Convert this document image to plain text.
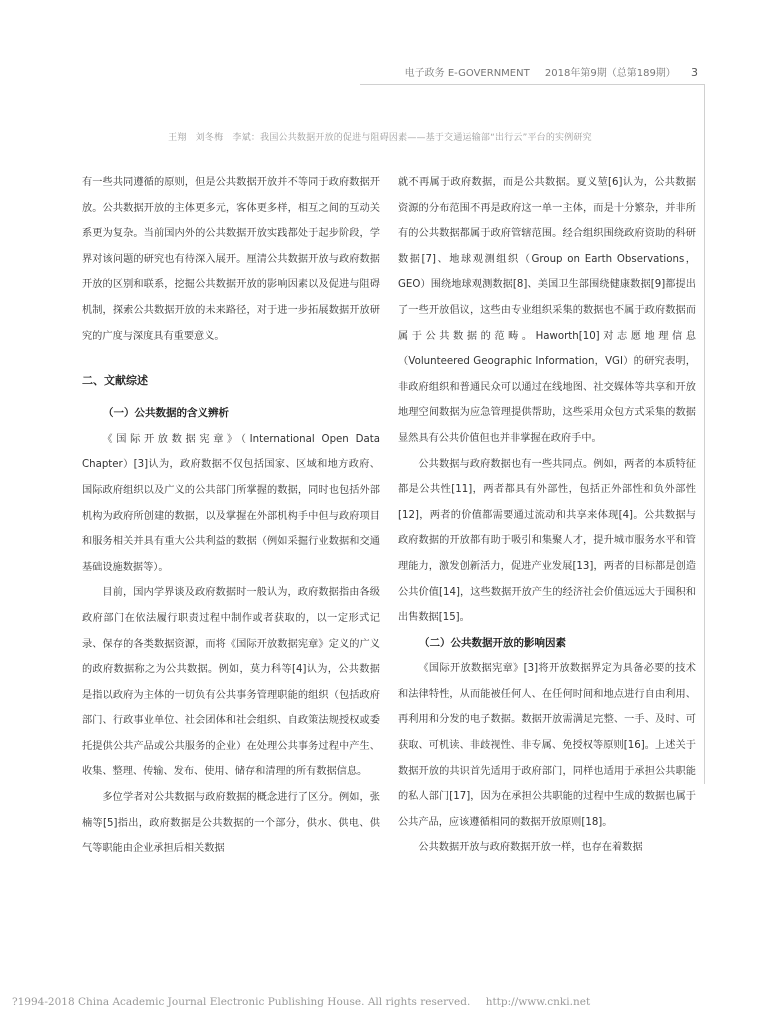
电子政务 E-GOVERNMENT 2018年第9期（总第189期） 3
王翔　刘冬梅　李斌：我国公共数据开放的促进与阻碍因素——基于交通运输部“出行云”平台的实例研究

有一些共同遵循的原则，但是公共数据开放并不等同于政府数据开放。公共数据开放的主体更多元，客体更多样，相互之间的互动关系更为复杂。当前国内外的公共数据开放实践都处于起步阶段，学界对该问题的研究也有待深入展开。厘清公共数据开放与政府数据开放的区别和联系，挖掘公共数据开放的影响因素以及促进与阻碍机制，探索公共数据开放的未来路径，对于进一步拓展数据开放研究的广度与深度具有重要意义。

二、文献综述
（一）公共数据的含义辨析

《国际开放数据宪章》（International Open Data Chapter）[3]认为，政府数据不仅包括国家、区域和地方政府、国际政府组织以及广义的公共部门所掌握的数据，同时也包括外部机构为政府所创建的数据，以及掌握在外部机构手中但与政府项目和服务相关并具有重大公共利益的数据（例如采掘行业数据和交通基础设施数据等）。

目前，国内学界谈及政府数据时一般认为，政府数据指由各级政府部门在依法履行职责过程中制作或者获取的，以一定形式记录、保存的各类数据资源，而将《国际开放数据宪章》定义的广义的政府数据称之为公共数据。例如，莫力科等[4]认为，公共数据是指以政府为主体的一切负有公共事务管理职能的组织（包括政府部门、行政事业单位、社会团体和社会组织、自政策法规授权或委托提供公共产品或公共服务的企业）在处理公共事务过程中产生、收集、整理、传输、发布、使用、储存和清理的所有数据信息。

多位学者对公共数据与政府数据的概念进行了区分。例如，张楠等[5]指出，政府数据是公共数据的一个部分，供水、供电、供气等职能由企业承担后相关数据

就不再属于政府数据，而是公共数据。夏义堃[6]认为，公共数据资源的分布范围不再是政府这一单一主体，而是十分繁杂，并非所有的公共数据都属于政府管辖范围。经合组织围绕政府资助的科研数据[7]、地球观测组织（Group on Earth Observations，GEO）围绕地球观测数据[8]、美国卫生部围绕健康数据[9]都提出了一些开放倡议，这些由专业组织采集的数据也不属于政府数据而属于公共数据的范畴。Haworth[10]对志愿地理信息（Volunteered Geographic Information，VGI）的研究表明，非政府组织和普通民众可以通过在线地图、社交媒体等共享和开放地理空间数据为应急管理提供帮助，这些采用众包方式采集的数据显然具有公共价值但也并非掌握在政府手中。

公共数据与政府数据也有一些共同点。例如，两者的本质特征都是公共性[11]，两者都具有外部性，包括正外部性和负外部性[12]，两者的价值都需要通过流动和共享来体现[4]。公共数据与政府数据的开放都有助于吸引和集聚人才，提升城市服务水平和管理能力，激发创新活力，促进产业发展[13]，两者的目标都是创造公共价值[14]，这些数据开放产生的经济社会价值远远大于囤积和出售数据[15]。

（二）公共数据开放的影响因素

《国际开放数据宪章》[3]将开放数据界定为具备必要的技术和法律特性，从而能被任何人、在任何时间和地点进行自由利用、再利用和分发的电子数据。数据开放需满足完整、一手、及时、可获取、可机读、非歧视性、非专属、免授权等原则[16]。上述关于数据开放的共识首先适用于政府部门，同样也适用于承担公共职能的私人部门[17]，因为在承担公共职能的过程中生成的数据也属于公共产品，应该遵循相同的数据开放原则[18]。

公共数据开放与政府数据开放一样，也存在着数据

?1994-2018 China Academic Journal Electronic Publishing House. All rights reserved. http://www.cnki.net
